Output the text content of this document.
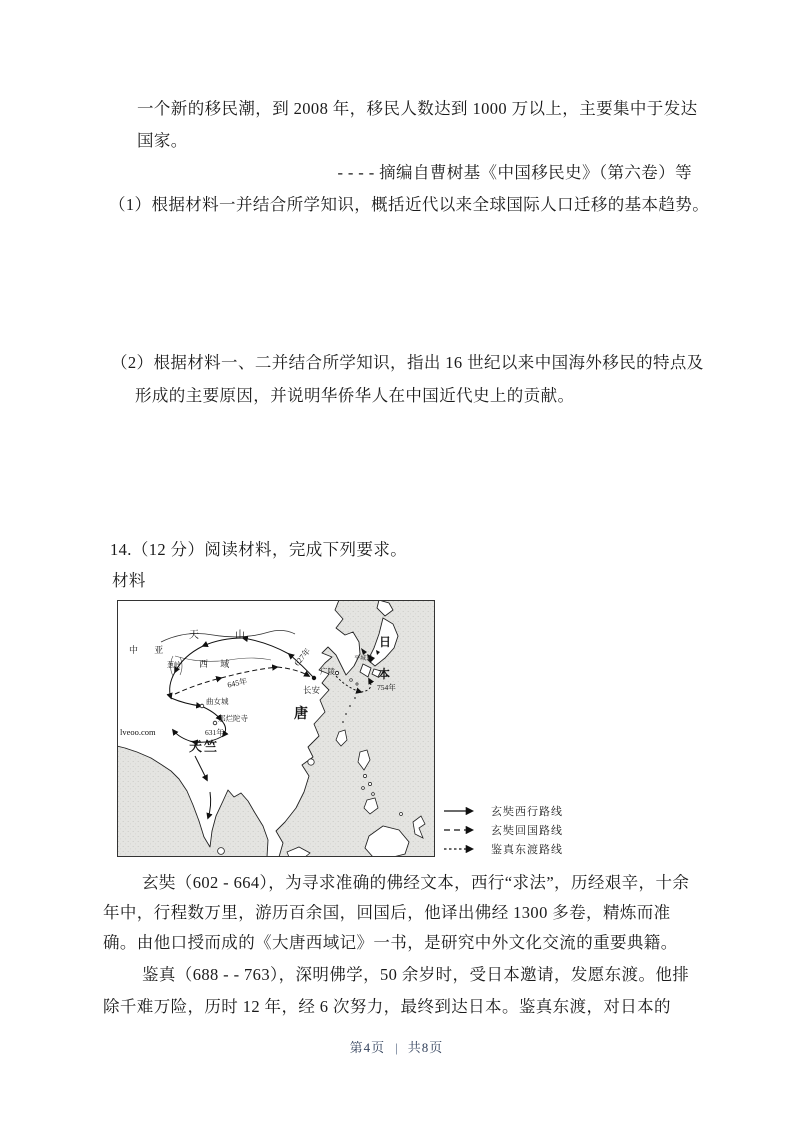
一个新的移民潮，到 2008 年，移民人数达到 1000 万以上，主要集中于发达
国家。
- - - - 摘编自曹树基《中国移民史》（第六卷）等
（1）根据材料一并结合所学知识，概括近代以来全球国际人口迁移的基本趋势。
（2）根据材料一、二并结合所学知识，指出 16 世纪以来中国海外移民的特点及
形成的主要原因，并说明华侨华人在中国近代史上的贡献。
14.（12 分）阅读材料，完成下列要求。
材料
中 亚
天　山
葱岭 西 域
645年
627年
长安
广陵
唐
曲女城
那烂陀寺
631年
天竺
日
本
平城京
754年
lveoo.com
玄奘西行路线
玄奘回国路线
鉴真东渡路线
玄奘（602 - 664），为寻求准确的佛经文本，西行“求法”，历经艰辛，十余
年中，行程数万里，游历百余国，回国后，他译出佛经 1300 多卷，精炼而准
确。由他口授而成的《大唐西域记》一书，是研究中外文化交流的重要典籍。
鉴真（688 - - 763），深明佛学，50 余岁时，受日本邀请，发愿东渡。他排
除千难万险，历时 12 年，经 6 次努力，最终到达日本。鉴真东渡，对日本的
第4页 | 共8页
